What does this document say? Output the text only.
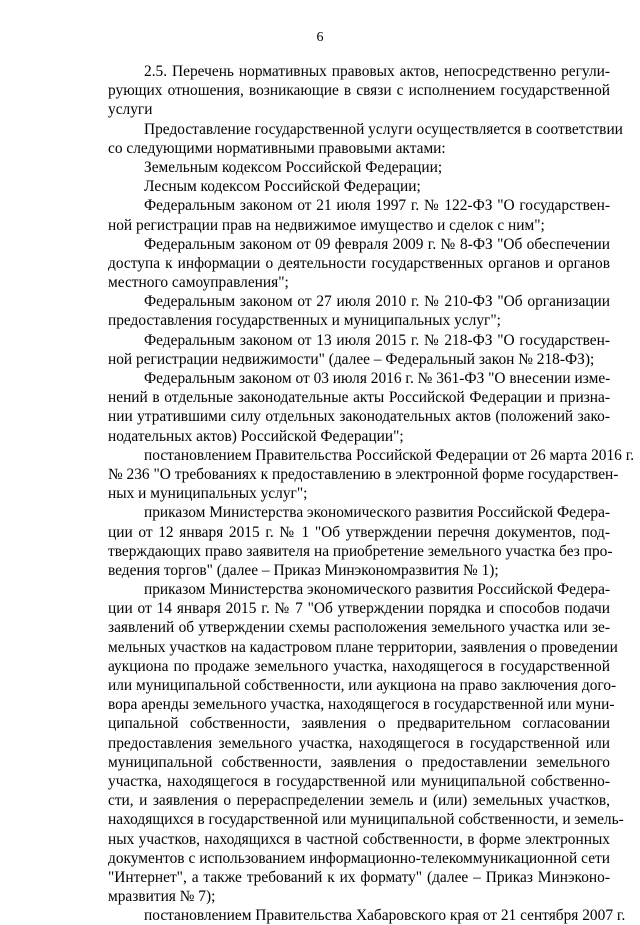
6
2.5. Перечень нормативных правовых актов, непосредственно регули-
рующих отношения, возникающие в связи с исполнением государственной
услуги
Предоставление государственной услуги осуществляется в соответствии
со следующими нормативными правовыми актами:
Земельным кодексом Российской Федерации;
Лесным кодексом Российской Федерации;
Федеральным законом от 21 июля 1997 г. № 122-ФЗ "О государствен-
ной регистрации прав на недвижимое имущество и сделок с ним";
Федеральным законом от 09 февраля 2009 г. № 8-ФЗ "Об обеспечении
доступа к информации о деятельности государственных органов и органов
местного самоуправления";
Федеральным законом от 27 июля 2010 г. № 210-ФЗ "Об организации
предоставления государственных и муниципальных услуг";
Федеральным законом от 13 июля 2015 г. № 218-ФЗ "О государствен-
ной регистрации недвижимости" (далее – Федеральный закон № 218-ФЗ);
Федеральным законом от 03 июля 2016 г. № 361-ФЗ "О внесении изме-
нений в отдельные законодательные акты Российской Федерации и призна-
нии утратившими силу отдельных законодательных актов (положений зако-
нодательных актов) Российской Федерации";
постановлением Правительства Российской Федерации от 26 марта 2016 г.
№ 236 "О требованиях к предоставлению в электронной форме государствен-
ных и муниципальных услуг";
приказом Министерства экономического развития Российской Федера-
ции от 12 января 2015 г. № 1 "Об утверждении перечня документов, под-
тверждающих право заявителя на приобретение земельного участка без про-
ведения торгов" (далее – Приказ Минэкономразвития № 1);
приказом Министерства экономического развития Российской Федера-
ции от 14 января 2015 г. № 7 "Об утверждении порядка и способов подачи
заявлений об утверждении схемы расположения земельного участка или зе-
мельных участков на кадастровом плане территории, заявления о проведении
аукциона по продаже земельного участка, находящегося в государственной
или муниципальной собственности, или аукциона на право заключения дого-
вора аренды земельного участка, находящегося в государственной или муни-
ципальной собственности, заявления о предварительном согласовании
предоставления земельного участка, находящегося в государственной или
муниципальной собственности, заявления о предоставлении земельного
участка, находящегося в государственной или муниципальной собственно-
сти, и заявления о перераспределении земель и (или) земельных участков,
находящихся в государственной или муниципальной собственности, и земель-
ных участков, находящихся в частной собственности, в форме электронных
документов с использованием информационно-телекоммуникационной сети
"Интернет", а также требований к их формату" (далее – Приказ Минэконо-
мразвития № 7);
постановлением Правительства Хабаровского края от 21 сентября 2007 г.
